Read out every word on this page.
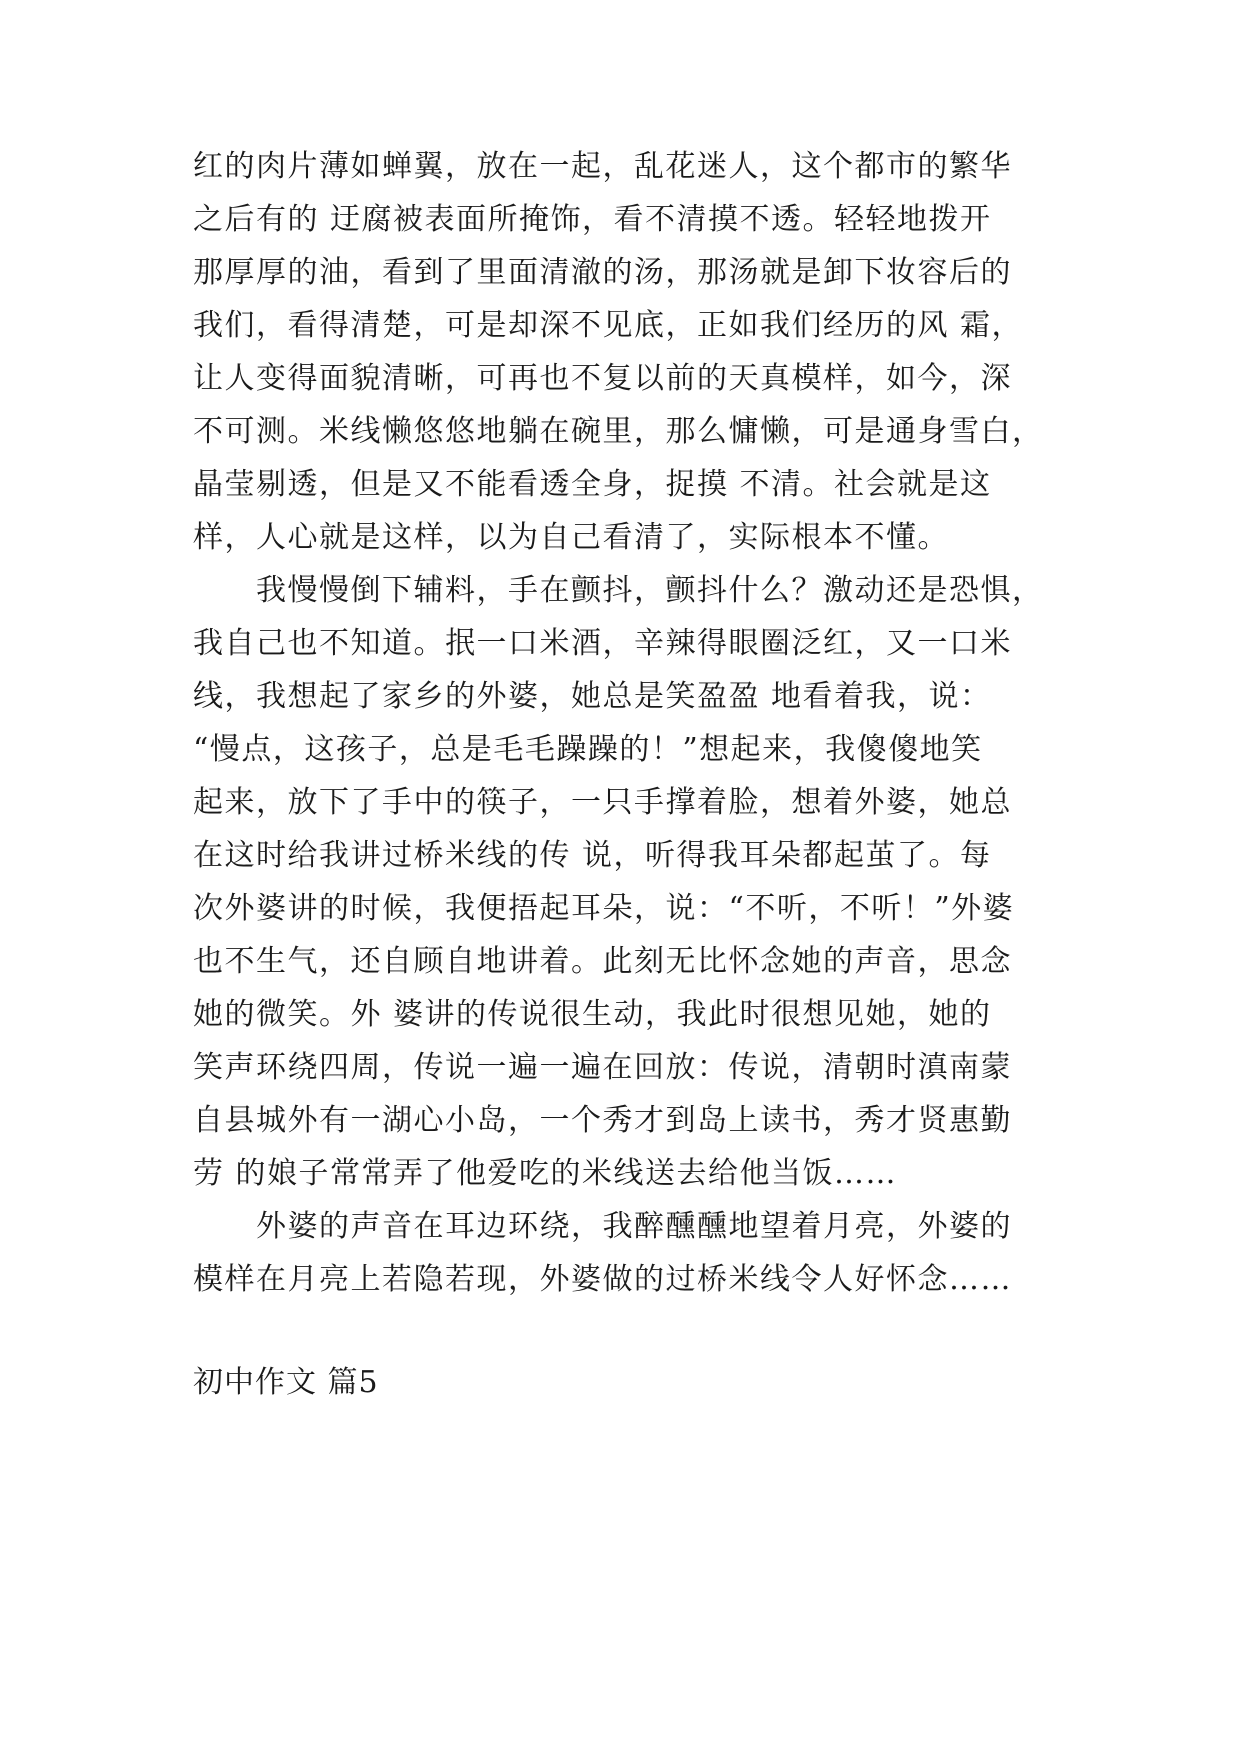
红的肉片薄如蝉翼，放在一起，乱花迷人，这个都市的繁华
之后有的 迂腐被表面所掩饰，看不清摸不透。轻轻地拨开
那厚厚的油，看到了里面清澈的汤，那汤就是卸下妆容后的
我们，看得清楚，可是却深不见底，正如我们经历的风 霜，
让人变得面貌清晰，可再也不复以前的天真模样，如今，深
不可测。米线懒悠悠地躺在碗里，那么慵懒，可是通身雪白，
晶莹剔透，但是又不能看透全身，捉摸 不清。社会就是这
样，人心就是这样，以为自己看清了，实际根本不懂。
我慢慢倒下辅料，手在颤抖，颤抖什么？激动还是恐惧，
我自己也不知道。抿一口米酒，辛辣得眼圈泛红，又一口米
线，我想起了家乡的外婆，她总是笑盈盈 地看着我，说：
“慢点，这孩子，总是毛毛躁躁的！”想起来，我傻傻地笑
起来，放下了手中的筷子，一只手撑着脸，想着外婆，她总
在这时给我讲过桥米线的传 说，听得我耳朵都起茧了。每
次外婆讲的时候，我便捂起耳朵，说：“不听，不听！”外婆
也不生气，还自顾自地讲着。此刻无比怀念她的声音，思念
她的微笑。外 婆讲的传说很生动，我此时很想见她，她的
笑声环绕四周，传说一遍一遍在回放：传说，清朝时滇南蒙
自县城外有一湖心小岛，一个秀才到岛上读书，秀才贤惠勤
劳 的娘子常常弄了他爱吃的米线送去给他当饭……
外婆的声音在耳边环绕，我醉醺醺地望着月亮，外婆的
模样在月亮上若隐若现，外婆做的过桥米线令人好怀念……
初中作文 篇5
